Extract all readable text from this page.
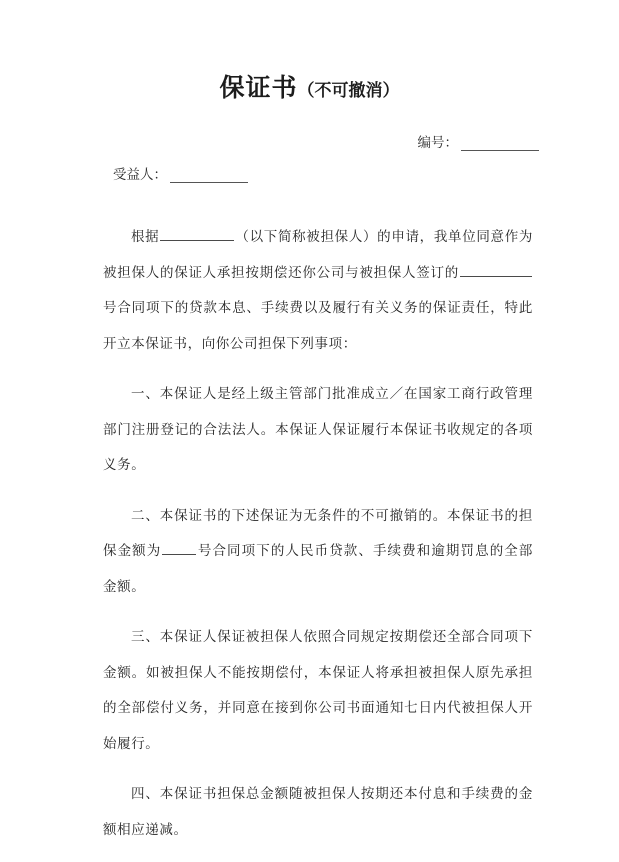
保证书（不可撤消）
编号：
受益人：

根据	（以下简称被担保人）的申请，我单位同意作为被担保人的保证人承担按期偿还你公司与被担保人签订的号合同项下的贷款本息、手续费以及履行有关义务的保证责任，特此开立本保证书，向你公司担保下列事项：

一、本保证人是经上级主管部门批准成立／在国家工商行政管理部门注册登记的合法法人。本保证人保证履行本保证书收规定的各项义务。

二、本保证书的下述保证为无条件的不可撤销的。本保证书的担保金额为	号合同项下的人民币贷款、手续费和逾期罚息的全部金额。

三、本保证人保证被担保人依照合同规定按期偿还全部合同项下金额。如被担保人不能按期偿付，本保证人将承担被担保人原先承担的全部偿付义务，并同意在接到你公司书面通知七日内代被担保人开始履行。

四、本保证书担保总金额随被担保人按期还本付息和手续费的金额相应递减。
